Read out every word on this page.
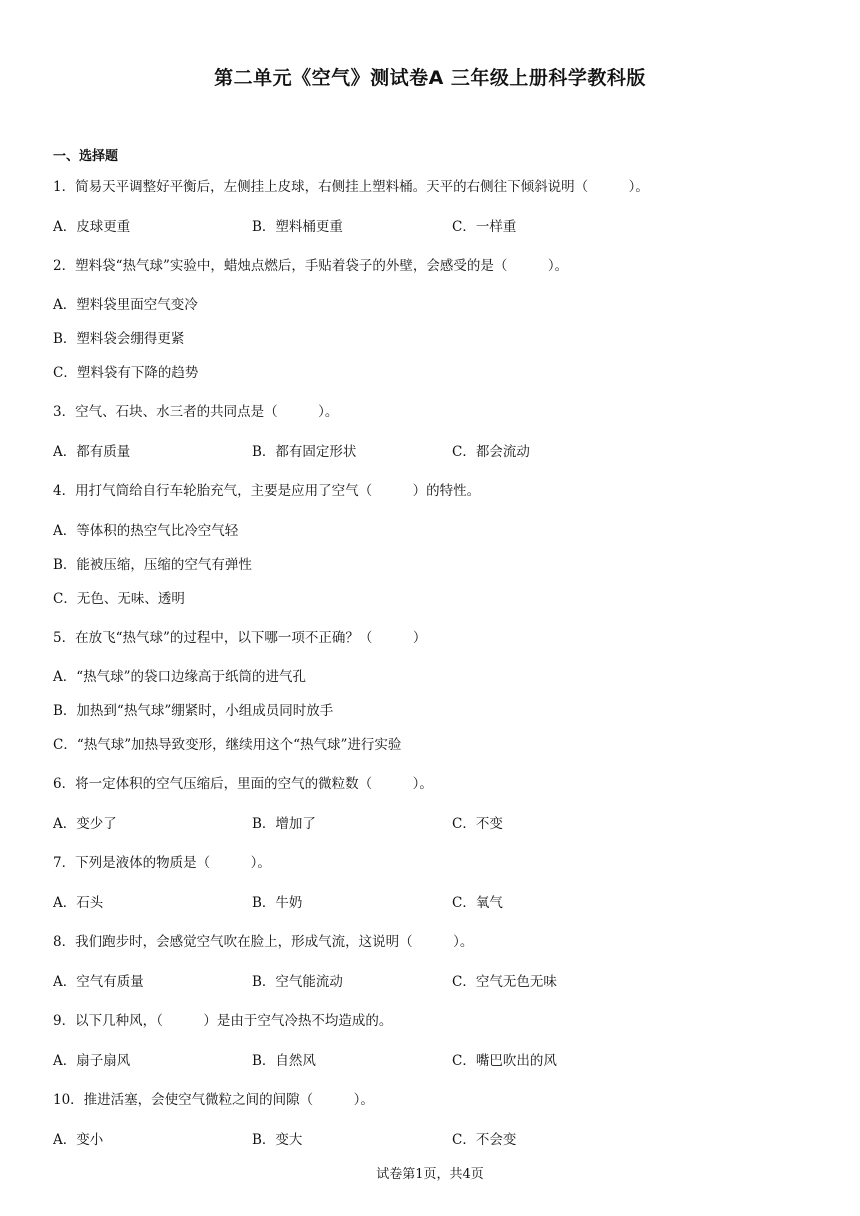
第二单元《空气》测试卷A 三年级上册科学教科版
一、选择题
1．简易天平调整好平衡后，左侧挂上皮球，右侧挂上塑料桶。天平的右侧往下倾斜说明（　　　）。
A．皮球更重	B．塑料桶更重	C．一样重
2．塑料袋“热气球”实验中，蜡烛点燃后，手贴着袋子的外壁，会感受的是（　　　）。
A．塑料袋里面空气变冷
B．塑料袋会绷得更紧
C．塑料袋有下降的趋势
3．空气、石块、水三者的共同点是（　　　）。
A．都有质量	B．都有固定形状	C．都会流动
4．用打气筒给自行车轮胎充气，主要是应用了空气（　　　）的特性。
A．等体积的热空气比冷空气轻
B．能被压缩，压缩的空气有弹性
C．无色、无味、透明
5．在放飞“热气球”的过程中，以下哪一项不正确？（　　　）
A．“热气球”的袋口边缘高于纸筒的进气孔
B．加热到“热气球”绷紧时，小组成员同时放手
C．“热气球”加热导致变形，继续用这个“热气球”进行实验
6．将一定体积的空气压缩后，里面的空气的微粒数（　　　）。
A．变少了	B．增加了	C．不变
7．下列是液体的物质是（　　　）。
A．石头	B．牛奶	C．氧气
8．我们跑步时，会感觉空气吹在脸上，形成气流，这说明（　　　）。
A．空气有质量	B．空气能流动	C．空气无色无味
9．以下几种风，（　　　）是由于空气冷热不均造成的。
A．扇子扇风	B．自然风	C．嘴巴吹出的风
10．推进活塞，会使空气微粒之间的间隙（　　　）。
A．变小	B．变大	C．不会变
试卷第1页，共4页
